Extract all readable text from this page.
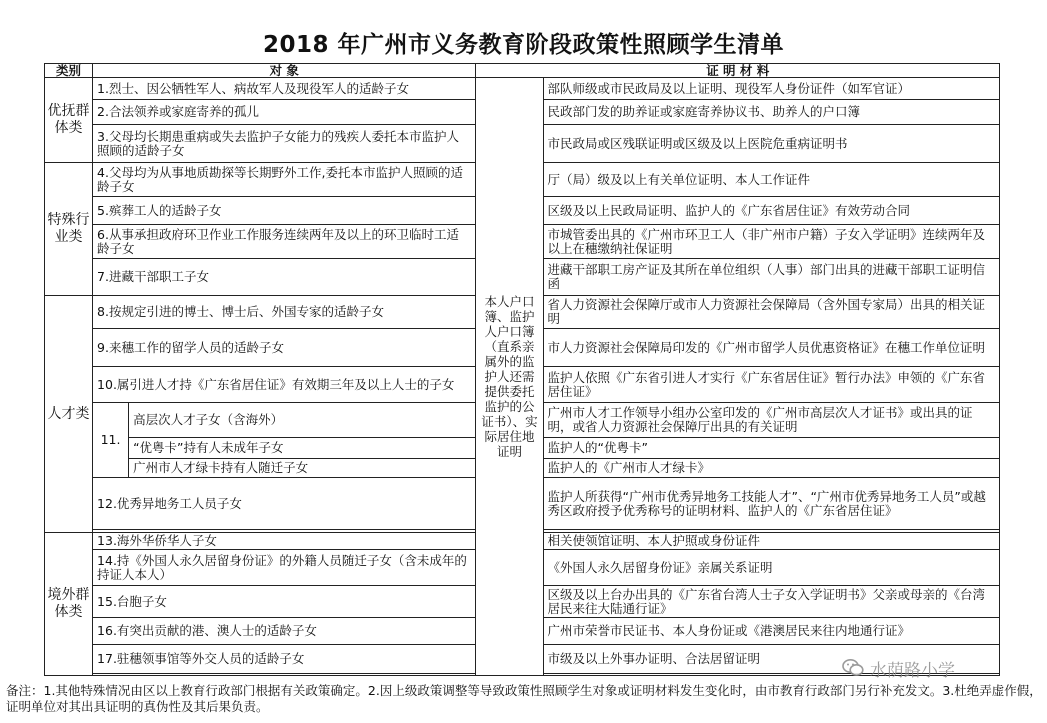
2018 年广州市义务教育阶段政策性照顾学生清单
类别	对 象		证 明 材 料	
优抚群体类	1.烈士、因公牺牲军人、病故军人及现役军人的适龄子女		本人户口簿、监护人户口簿（直系亲属外的监护人还需提供委托监护的公证书）、实际居住地证明	部队师级或市民政局及以上证明、现役军人身份证件（如军官证）
	2.合法领养或家庭寄养的孤儿			民政部门发的助养证或家庭寄养协议书、助养人的户口簿
	3.父母均长期患重病或失去监护子女能力的残疾人委托本市监护人照顾的适龄子女			市民政局或区残联证明或区级及以上医院危重病证明书
特殊行业类	4.父母均为从事地质勘探等长期野外工作,委托本市监护人照顾的适龄子女			厅（局）级及以上有关单位证明、本人工作证件
	5.殡葬工人的适龄子女			区级及以上民政局证明、监护人的《广东省居住证》有效劳动合同
	6.从事承担政府环卫作业工作服务连续两年及以上的环卫临时工适龄子女			市城管委出具的《广州市环卫工人（非广州市户籍）子女入学证明》连续两年及以上在穗缴纳社保证明
	7.进藏干部职工子女			进藏干部职工房产证及其所在单位组织（人事）部门出具的进藏干部职工证明信函
人才类	8.按规定引进的博士、博士后、外国专家的适龄子女			省人力资源社会保障厅或市人力资源社会保障局（含外国专家局）出具的相关证明
	9.来穗工作的留学人员的适龄子女			市人力资源社会保障局印发的《广州市留学人员优惠资格证》在穗工作单位证明
	10.属引进人才持《广东省居住证》有效期三年及以上人士的子女			监护人依照《广东省引进人才实行《广东省居住证》暂行办法》申领的《广东省居住证》
	11.	高层次人才子女（含海外）		广州市人才工作领导小组办公室印发的《广州市高层次人才证书》或出具的证明，或省人力资源社会保障厅出具的有关证明
		“优粤卡”持有人未成年子女		监护人的“优粤卡”
		广州市人才绿卡持有人随迁子女		监护人的《广州市人才绿卡》
	12.优秀异地务工人员子女			监护人所获得“广州市优秀异地务工技能人才”、“广州市优秀异地务工人员”或越秀区政府授予优秀称号的证明材料、监护人的《广东省居住证》

境外群体类	13.海外华侨华人子女			相关使领馆证明、本人护照或身份证件
	14.持《外国人永久居留身份证》的外籍人员随迁子女（含未成年的持证人本人）			《外国人永久居留身份证》亲属关系证明
	15.台胞子女			区级及以上台办出具的《广东省台湾人士子女入学证明书》父亲或母亲的《台湾居民来往大陆通行证》
	16.有突出贡献的港、澳人士的适龄子女			广州市荣誉市民证书、本人身份证或《港澳居民来往内地通行证》
	17.驻穗领事馆等外交人员的适龄子女			市级及以上外事办证明、合法居留证明

备注：1.其他特殊情况由区以上教育行政部门根据有关政策确定。2.因上级政策调整等导致政策性照顾学生对象或证明材料发生变化时，由市教育行政部门另行补充发文。3.杜绝弄虚作假，证明单位对其出具证明的真伪性及其后果负责。
水荫路小学
